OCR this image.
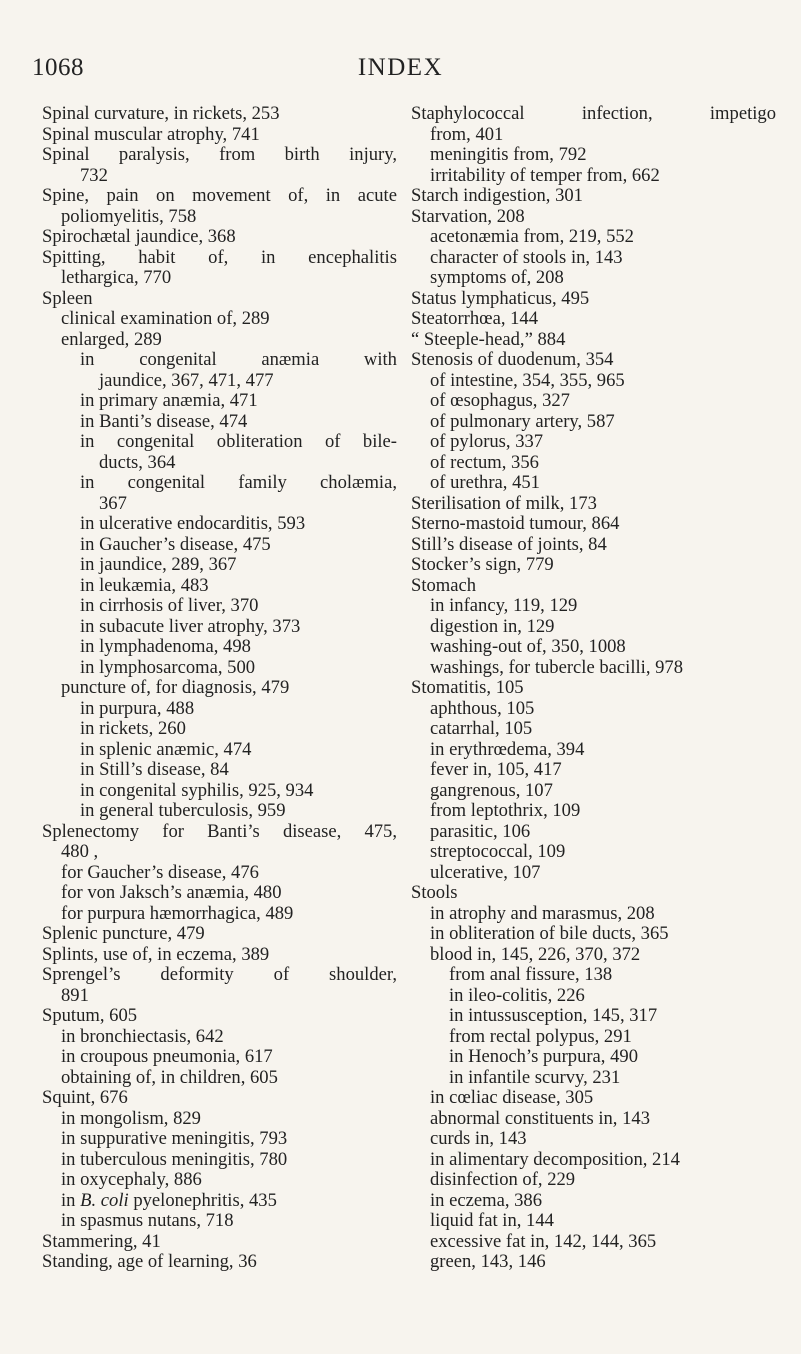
1068	INDEX
Spinal curvature, in rickets, 253
Spinal muscular atrophy, 741
Spinal paralysis, from birth injury,
732
Spine, pain on movement of, in acute
poliomyelitis, 758
Spirochætal jaundice, 368
Spitting, habit of, in encephalitis
lethargica, 770
Spleen
clinical examination of, 289
enlarged, 289
in congenital anæmia with
jaundice, 367, 471, 477
in primary anæmia, 471
in Banti’s disease, 474
in congenital obliteration of bile-
ducts, 364
in congenital family cholæmia,
367
in ulcerative endocarditis, 593
in Gaucher’s disease, 475
in jaundice, 289, 367
in leukæmia, 483
in cirrhosis of liver, 370
in subacute liver atrophy, 373
in lymphadenoma, 498
in lymphosarcoma, 500
puncture of, for diagnosis, 479
in purpura, 488
in rickets, 260
in splenic anæmic, 474
in Still’s disease, 84
in congenital syphilis, 925, 934
in general tuberculosis, 959
Splenectomy for Banti’s disease, 475,
480 ,
for Gaucher’s disease, 476
for von Jaksch’s anæmia, 480
for purpura hæmorrhagica, 489
Splenic puncture, 479
Splints, use of, in eczema, 389
Sprengel’s deformity of shoulder,
891
Sputum, 605
in bronchiectasis, 642
in croupous pneumonia, 617
obtaining of, in children, 605
Squint, 676
in mongolism, 829
in suppurative meningitis, 793
in tuberculous meningitis, 780
in oxycephaly, 886
in B. coli pyelonephritis, 435
in spasmus nutans, 718
Stammering, 41
Standing, age of learning, 36
Staphylococcal	infection,	impetigo
from, 401
meningitis from, 792
irritability of temper from, 662
Starch indigestion, 301
Starvation, 208
acetonæmia from, 219, 552
character of stools in, 143
symptoms of, 208
Status lymphaticus, 495
Steatorrhœa, 144
“ Steeple-head,” 884
Stenosis of duodenum, 354
of intestine, 354, 355, 965
of œsophagus, 327
of pulmonary artery, 587
of pylorus, 337
of rectum, 356
of urethra, 451
Sterilisation of milk, 173
Sterno-mastoid tumour, 864
Still’s disease of joints, 84
Stocker’s sign, 779
Stomach
in infancy, 119, 129
digestion in, 129
washing-out of, 350, 1008
washings, for tubercle bacilli, 978
Stomatitis, 105
aphthous, 105
catarrhal, 105
in erythrœdema, 394
fever in, 105, 417
gangrenous, 107
from leptothrix, 109
parasitic, 106
streptococcal, 109
ulcerative, 107
Stools
in atrophy and marasmus, 208
in obliteration of bile ducts, 365
blood in, 145, 226, 370, 372
from anal fissure, 138
in ileo-colitis, 226
in intussusception, 145, 317
from rectal polypus, 291
in Henoch’s purpura, 490
in infantile scurvy, 231
in cœliac disease, 305
abnormal constituents in, 143
curds in, 143
in alimentary decomposition, 214
disinfection of, 229
in eczema, 386
liquid fat in, 144
excessive fat in, 142, 144, 365
green, 143, 146
